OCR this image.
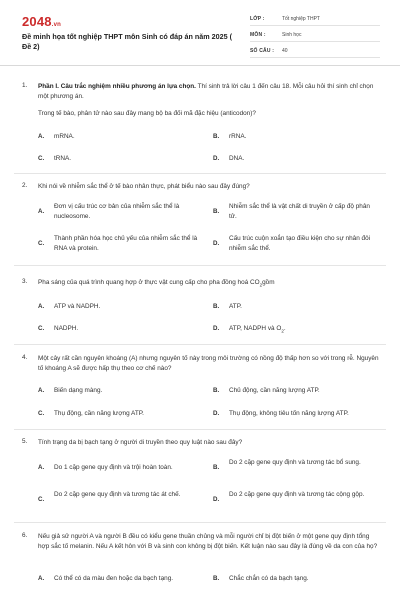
2048.vn
Đề minh họa tốt nghiệp THPT môn Sinh có đáp án năm 2025 ( Đề 2)
LỚP :	Tốt nghiệp THPT
MÔN :	Sinh học
SỐ CÂU :	40
1. Phần I. Câu trắc nghiệm nhiều phương án lựa chọn. Thí sinh trả lời câu 1 đến câu 18. Mỗi câu hỏi thí sinh chỉ chọn một phương án.
Trong tế bào, phân tử nào sau đây mang bộ ba đối mã đặc hiệu (anticodon)?
A. mRNA.	B. rRNA.
C. tRNA.	D. DNA.
2. Khi nói về nhiễm sắc thể ở tế bào nhân thực, phát biểu nào sau đây đúng?
A.
Đơn vị cấu trúc cơ bản của nhiễm sắc thể là nucleosome.
B.
Nhiễm sắc thể là vật chất di truyền ở cấp độ phân tử.
C.
Thành phần hóa học chủ yếu của nhiễm sắc thể là RNA và protein.
D.
Cấu trúc cuộn xoắn tạo điều kiện cho sự nhân đôi nhiễm sắc thể.
3. Pha sáng của quá trình quang hợp ở thực vật cung cấp cho pha đồng hoá $CO_2gồm$
A. ATP và NADPH.	B. ATP.
C. NADPH.	D. ATP, NADPH và $O_2$.
4. Một cây rất cần nguyên khoáng (A) nhưng nguyên tố này trong môi trường có nồng độ thấp hơn so với trong rễ. Nguyên tố khoáng A sẽ được hấp thụ theo cơ chế nào?
A. Biến dạng màng.	B. Chủ động, cần năng lượng ATP.
C. Thụ động, cần năng lượng ATP.	D. Thụ động, không tiêu tốn năng lượng ATP.
5. Tính trạng da bị bạch tạng ở người di truyền theo quy luật nào sau đây?
A. Do 1 cặp gene quy định và trội hoàn toàn.	B.
Do 2 cặp gene quy định và tương tác bổ sung.
C.
Do 2 cặp gene quy định và tương tác át chế.
D.
Do 2 cặp gene quy định và tương tác cộng gộp.
6. Nếu giả sử người A và người B đều có kiểu gene thuần chủng và mỗi người chỉ bị đột biến ở một gene quy định tổng hợp sắc tố melanin. Nếu A kết hôn với B và sinh con không bị đột biến. Kết luận nào sau đây là đúng về da con của họ?
A. Có thể có da màu đen hoặc da bạch tạng.	B. Chắc chắn có da bạch tạng.
